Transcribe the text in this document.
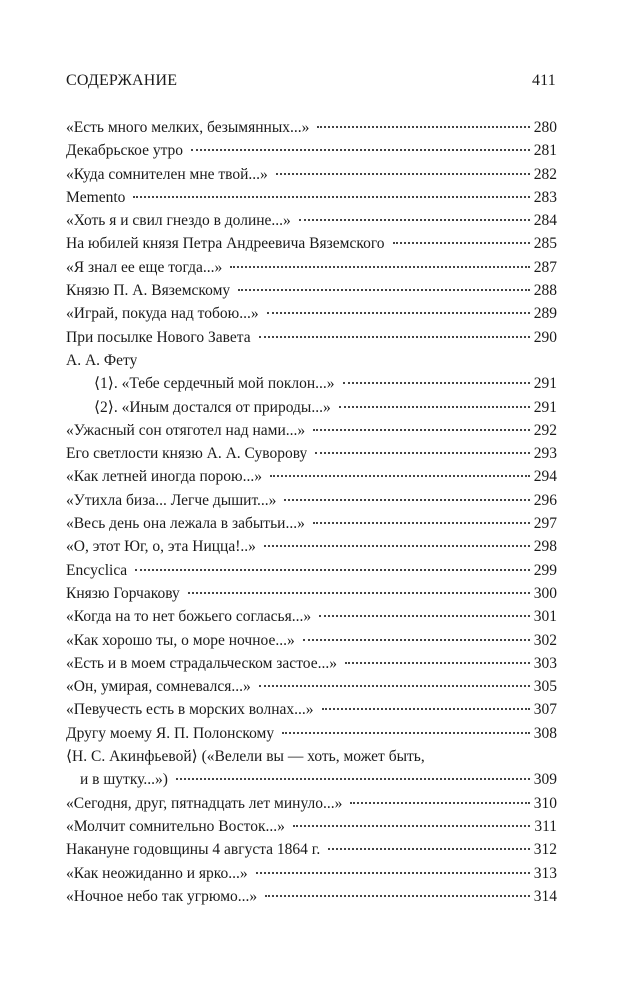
СОДЕРЖАНИЕ	411
«Есть много мелких, безымянных...»	280
Декабрьское утро	281
«Куда сомнителен мне твой...»	282
Memento	283
«Хоть я и свил гнездо в долине...»	284
На юбилей князя Петра Андреевича Вяземского	285
«Я знал ее еще тогда...»	287
Князю П. А. Вяземскому	288
«Играй, покуда над тобою...»	289
При посылке Нового Завета	290
А. А. Фету
⟨1⟩. «Тебе сердечный мой поклон...»	291
⟨2⟩. «Иным достался от природы...»	291
«Ужасный сон отяготел над нами...»	292
Его светлости князю А. А. Суворову	293
«Как летней иногда порою...»	294
«Утихла биза... Легче дышит...»	296
«Весь день она лежала в забытьи...»	297
«О, этот Юг, о, эта Ницца!..»	298
Encyclica	299
Князю Горчакову	300
«Когда на то нет божьего согласья...»	301
«Как хорошо ты, о море ночное...»	302
«Есть и в моем страдальческом застое...»	303
«Он, умирая, сомневался...»	305
«Певучесть есть в морских волнах...»	307
Другу моему Я. П. Полонскому	308
⟨Н. С. Акинфьевой⟩ («Велели вы — хоть, может быть,
и в шутку...»)	309
«Сегодня, друг, пятнадцать лет минуло...»	310
«Молчит сомнительно Восток...»	311
Накануне годовщины 4 августа 1864 г.	312
«Как неожиданно и ярко...»	313
«Ночное небо так угрюмо...»	314
